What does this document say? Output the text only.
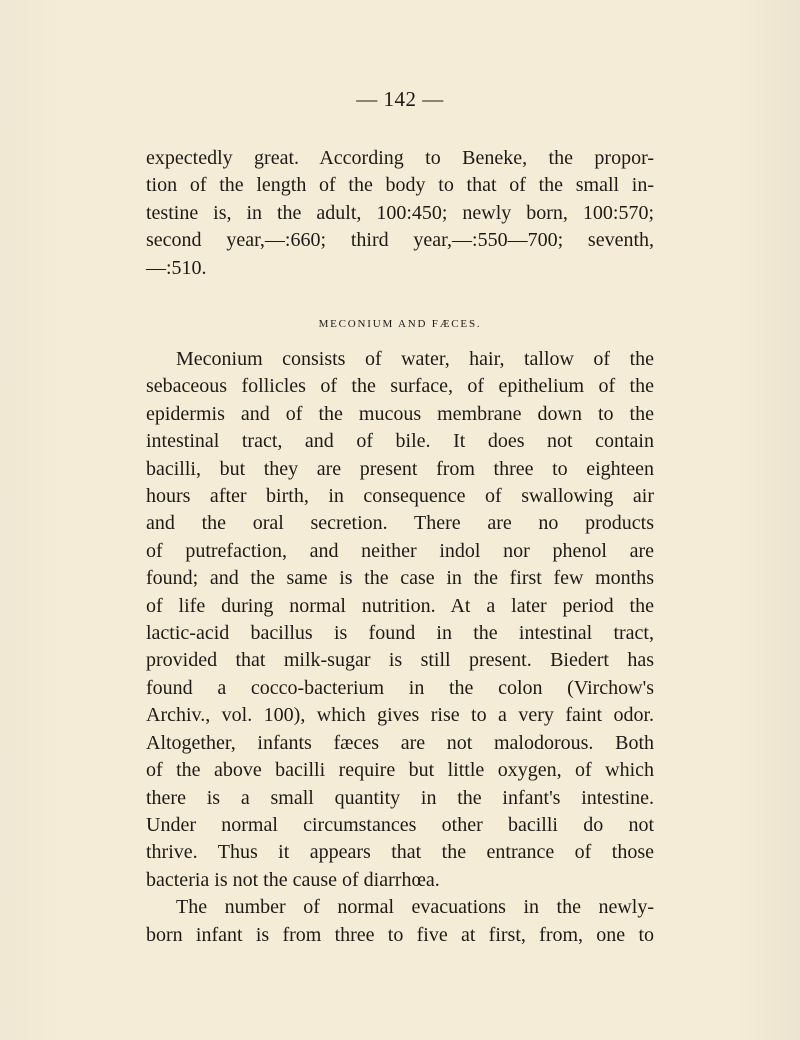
— 142 —
expectedly great. According to Beneke, the propor-
tion of the length of the body to that of the small in-
testine is, in the adult, 100:450; newly born, 100:570;
second year,—:660; third year,—:550—700; seventh,
—:510.
MECONIUM AND FÆCES.
Meconium consists of water, hair, tallow of the
sebaceous follicles of the surface, of epithelium of the
epidermis and of the mucous membrane down to the
intestinal tract, and of bile. It does not contain
bacilli, but they are present from three to eighteen
hours after birth, in consequence of swallowing air
and the oral secretion. There are no products
of putrefaction, and neither indol nor phenol are
found; and the same is the case in the first few months
of life during normal nutrition. At a later period the
lactic-acid bacillus is found in the intestinal tract,
provided that milk-sugar is still present. Biedert has
found a cocco-bacterium in the colon (Virchow's
Archiv., vol. 100), which gives rise to a very faint odor.
Altogether, infants fæces are not malodorous. Both
of the above bacilli require but little oxygen, of which
there is a small quantity in the infant's intestine.
Under normal circumstances other bacilli do not
thrive. Thus it appears that the entrance of those
bacteria is not the cause of diarrhœa.
The number of normal evacuations in the newly-
born infant is from three to five at first, from, one to
